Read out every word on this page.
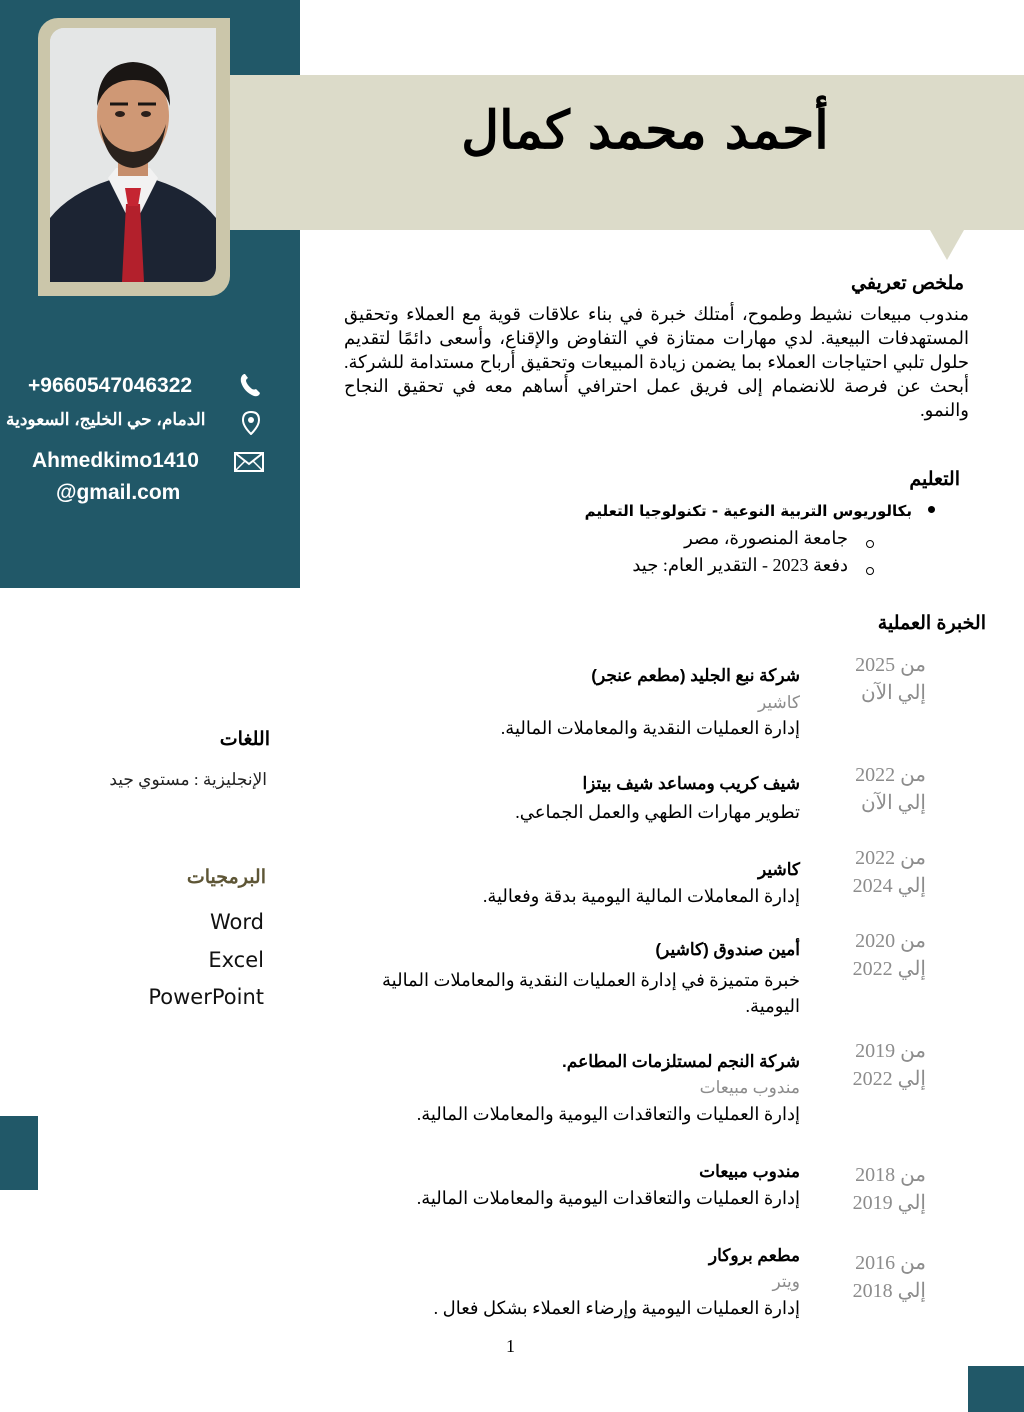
أحمد محمد كمال
+9660547046322
الدمام، حي الخليج، السعودية
Ahmedkimo1410
@gmail.com
ملخص تعريفي
مندوب مبيعات نشيط وطموح، أمتلك خبرة في بناء علاقات قوية مع العملاء وتحقيق المستهدفات البيعية. لدي مهارات ممتازة في التفاوض والإقناع، وأسعى دائمًا لتقديم حلول تلبي احتياجات العملاء بما يضمن زيادة المبيعات وتحقيق أرباح مستدامة للشركة. أبحث عن فرصة للانضمام إلى فريق عمل احترافي أساهم معه في تحقيق النجاح والنمو.
التعليم
بكالوريوس التربية النوعية - تكنولوجيا التعليم
جامعة المنصورة، مصر
دفعة 2023 - التقدير العام: جيد
الخبرة العملية
من 2025
إلي الآن
شركة نبع الجليد (مطعم عنجر)
كاشير
إدارة العمليات النقدية والمعاملات المالية.
من 2022
إلي الآن
شيف كريب ومساعد شيف بيتزا
تطوير مهارات الطهي والعمل الجماعي.
من 2022
إلي 2024
كاشير
إدارة المعاملات المالية اليومية بدقة وفعالية.
من 2020
إلي 2022
أمين صندوق (كاشير)
خبرة متميزة في إدارة العمليات النقدية والمعاملات المالية اليومية.
من 2019
إلي 2022
شركة النجم لمستلزمات المطاعم.
مندوب مبيعات
إدارة العمليات والتعاقدات اليومية والمعاملات المالية.
من 2018
إلي 2019
مندوب مبيعات
إدارة العمليات والتعاقدات اليومية والمعاملات المالية.
من 2016
إلي 2018
مطعم بروكار
ويتر
إدارة العمليات اليومية وإرضاء العملاء بشكل فعال .
اللغات
الإنجليزية : مستوي جيد
البرمجيات
Word
Excel
PowerPoint
1
